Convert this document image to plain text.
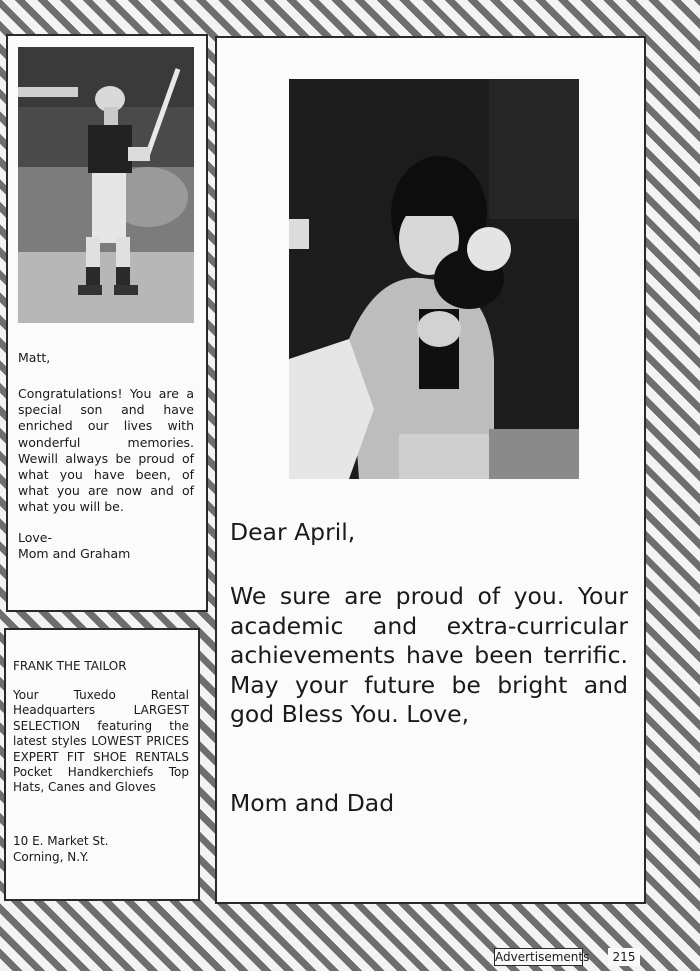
Matt,
Congratulations! You are a special son and have enriched our lives with wonderful memories. Wewill always be proud of what you have been, of what you are now and of what you will be.
Love-
Mom and Graham
FRANK THE TAILOR
Your Tuxedo Rental Headquarters LARGEST SELECTION featuring the latest styles LOWEST PRICES EXPERT FIT SHOE RENTALS Pocket Handkerchiefs Top Hats, Canes and Gloves
10 E. Market St.
Corning, N.Y.
Dear April,
We sure are proud of you. Your academic and extra-curricular achievements have been terrific. May your future be bright and god Bless You. Love,
Mom and Dad
Advertisements	215
